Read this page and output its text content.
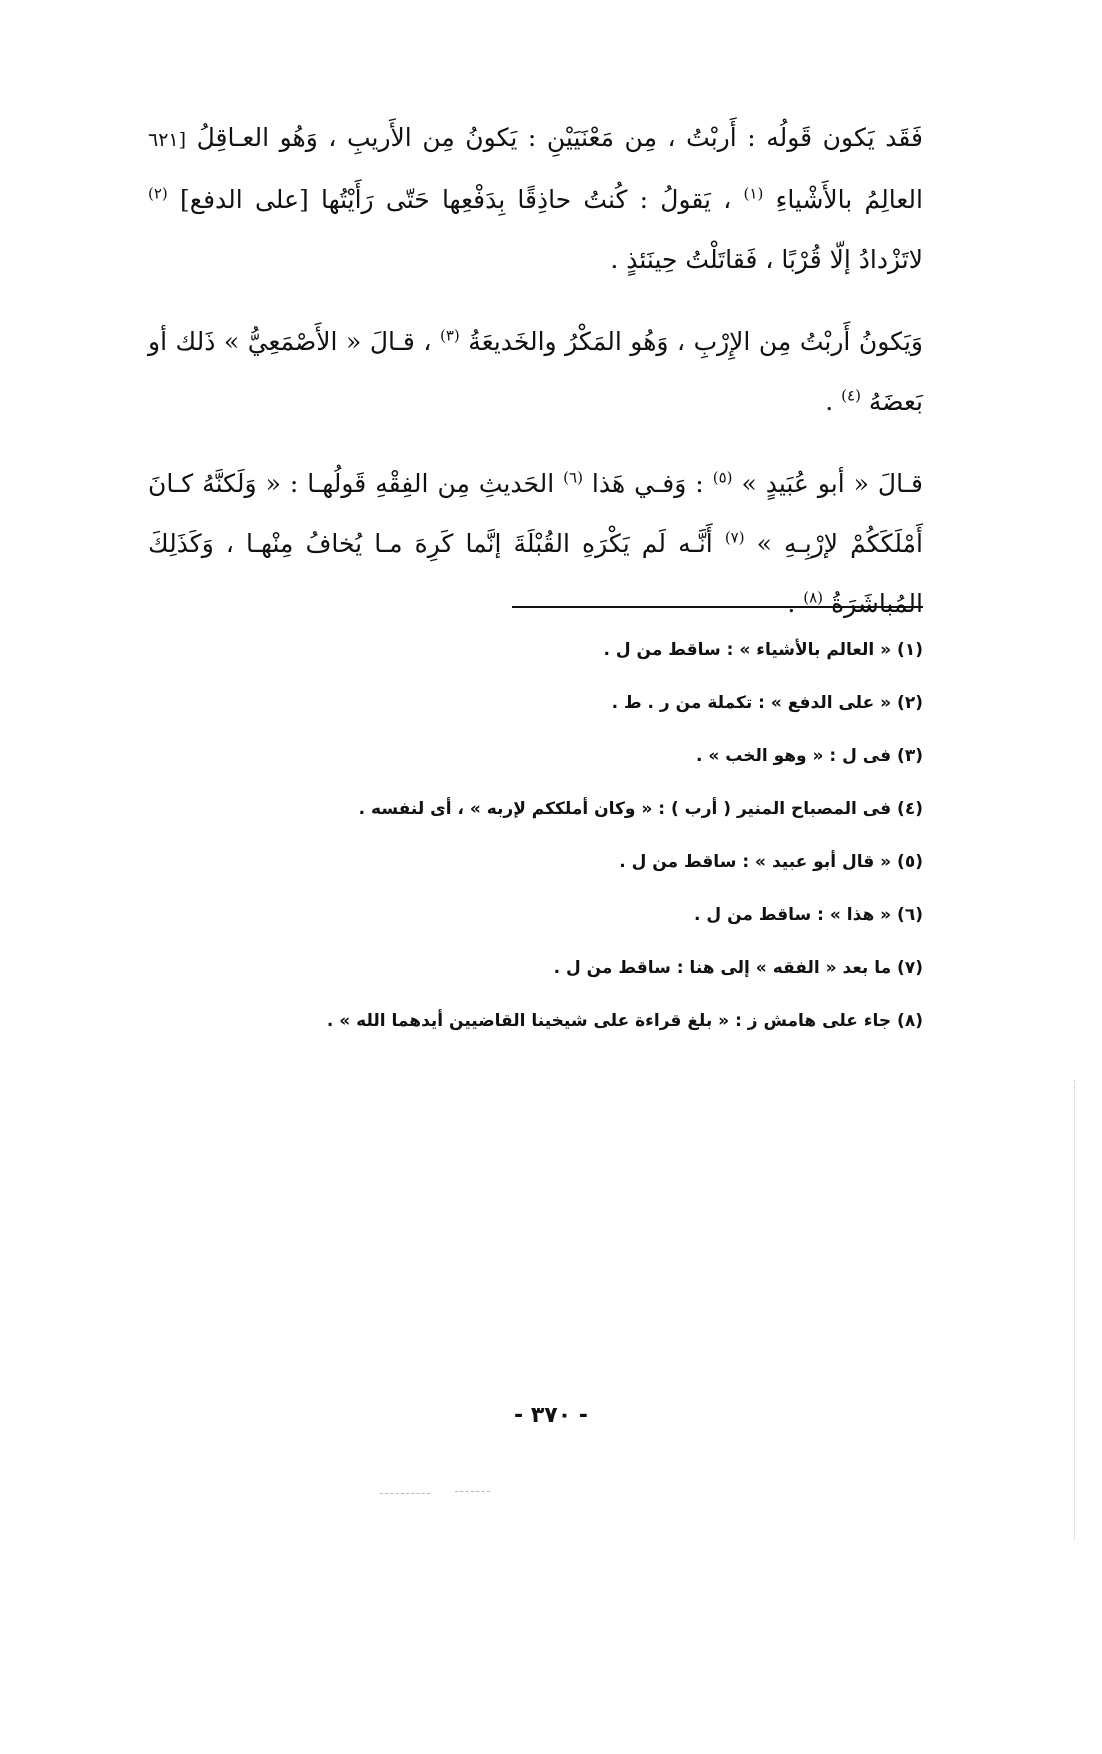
فَقَد يَكون قَولُه : أَربْتُ ، مِن مَعْنَيَيْنِ : يَكونُ مِن الأَريبِ ، وَهُو العـاقِلُ [٦٢١ العالِمُ بالأَشْياءِ $^{(١)}$ ، يَقولُ : كُنتُ حاذِقًا بِدَفْعِها حَتّى رَأَيْتُها [على الدفع] $^{(٢)}$ لاتَزْدادُ إلّا قُرْبًا ، فَقاتَلْتُ حِينَئذٍ .

وَيَكونُ أَربْتُ مِن الإِرْبِ ، وَهُو المَكْرُ والخَديعَةُ $^{(٣)}$ ، قـالَ « الأَصْمَعِيُّ » ذَلك أو بَعضَهُ $^{(٤)}$ .

قـالَ « أبو عُبَيدٍ » $^{(٥)}$ : وَفـي هَذا $^{(٦)}$ الحَديثِ مِن الفِقْهِ قَولُهـا : « وَلَكنَّهُ كـانَ أَمْلَكَكُمْ لإرْبِـهِ » $^{(٧)}$ أَنَّـه لَم يَكْرَهِ القُبْلَةَ إنَّما كَرِهَ مـا يُخافُ مِنْهـا ، وَكَذَلِكَ المُباشَرَةُ $^{(٨)}$ .

(١) « العالم بالأشياء » : ساقط من ل .

(٢) « على الدفع » : تكملة من ر . ط .

(٣) فى ل : « وهو الخب » .

(٤) فى المصباح المنير ( أرب ) : « وكان أملككم لإربه » ، أى لنفسه .

(٥) « قال أبو عبيد » : ساقط من ل .

(٦) « هذا » : ساقط من ل .

(٧) ما بعد « الفقه » إلى هنا : ساقط من ل .

(٨) جاء على هامش ز : « بلغ قراءة على شيخينا القاضيين أيدهما الله » .

- ٣٧٠ -
